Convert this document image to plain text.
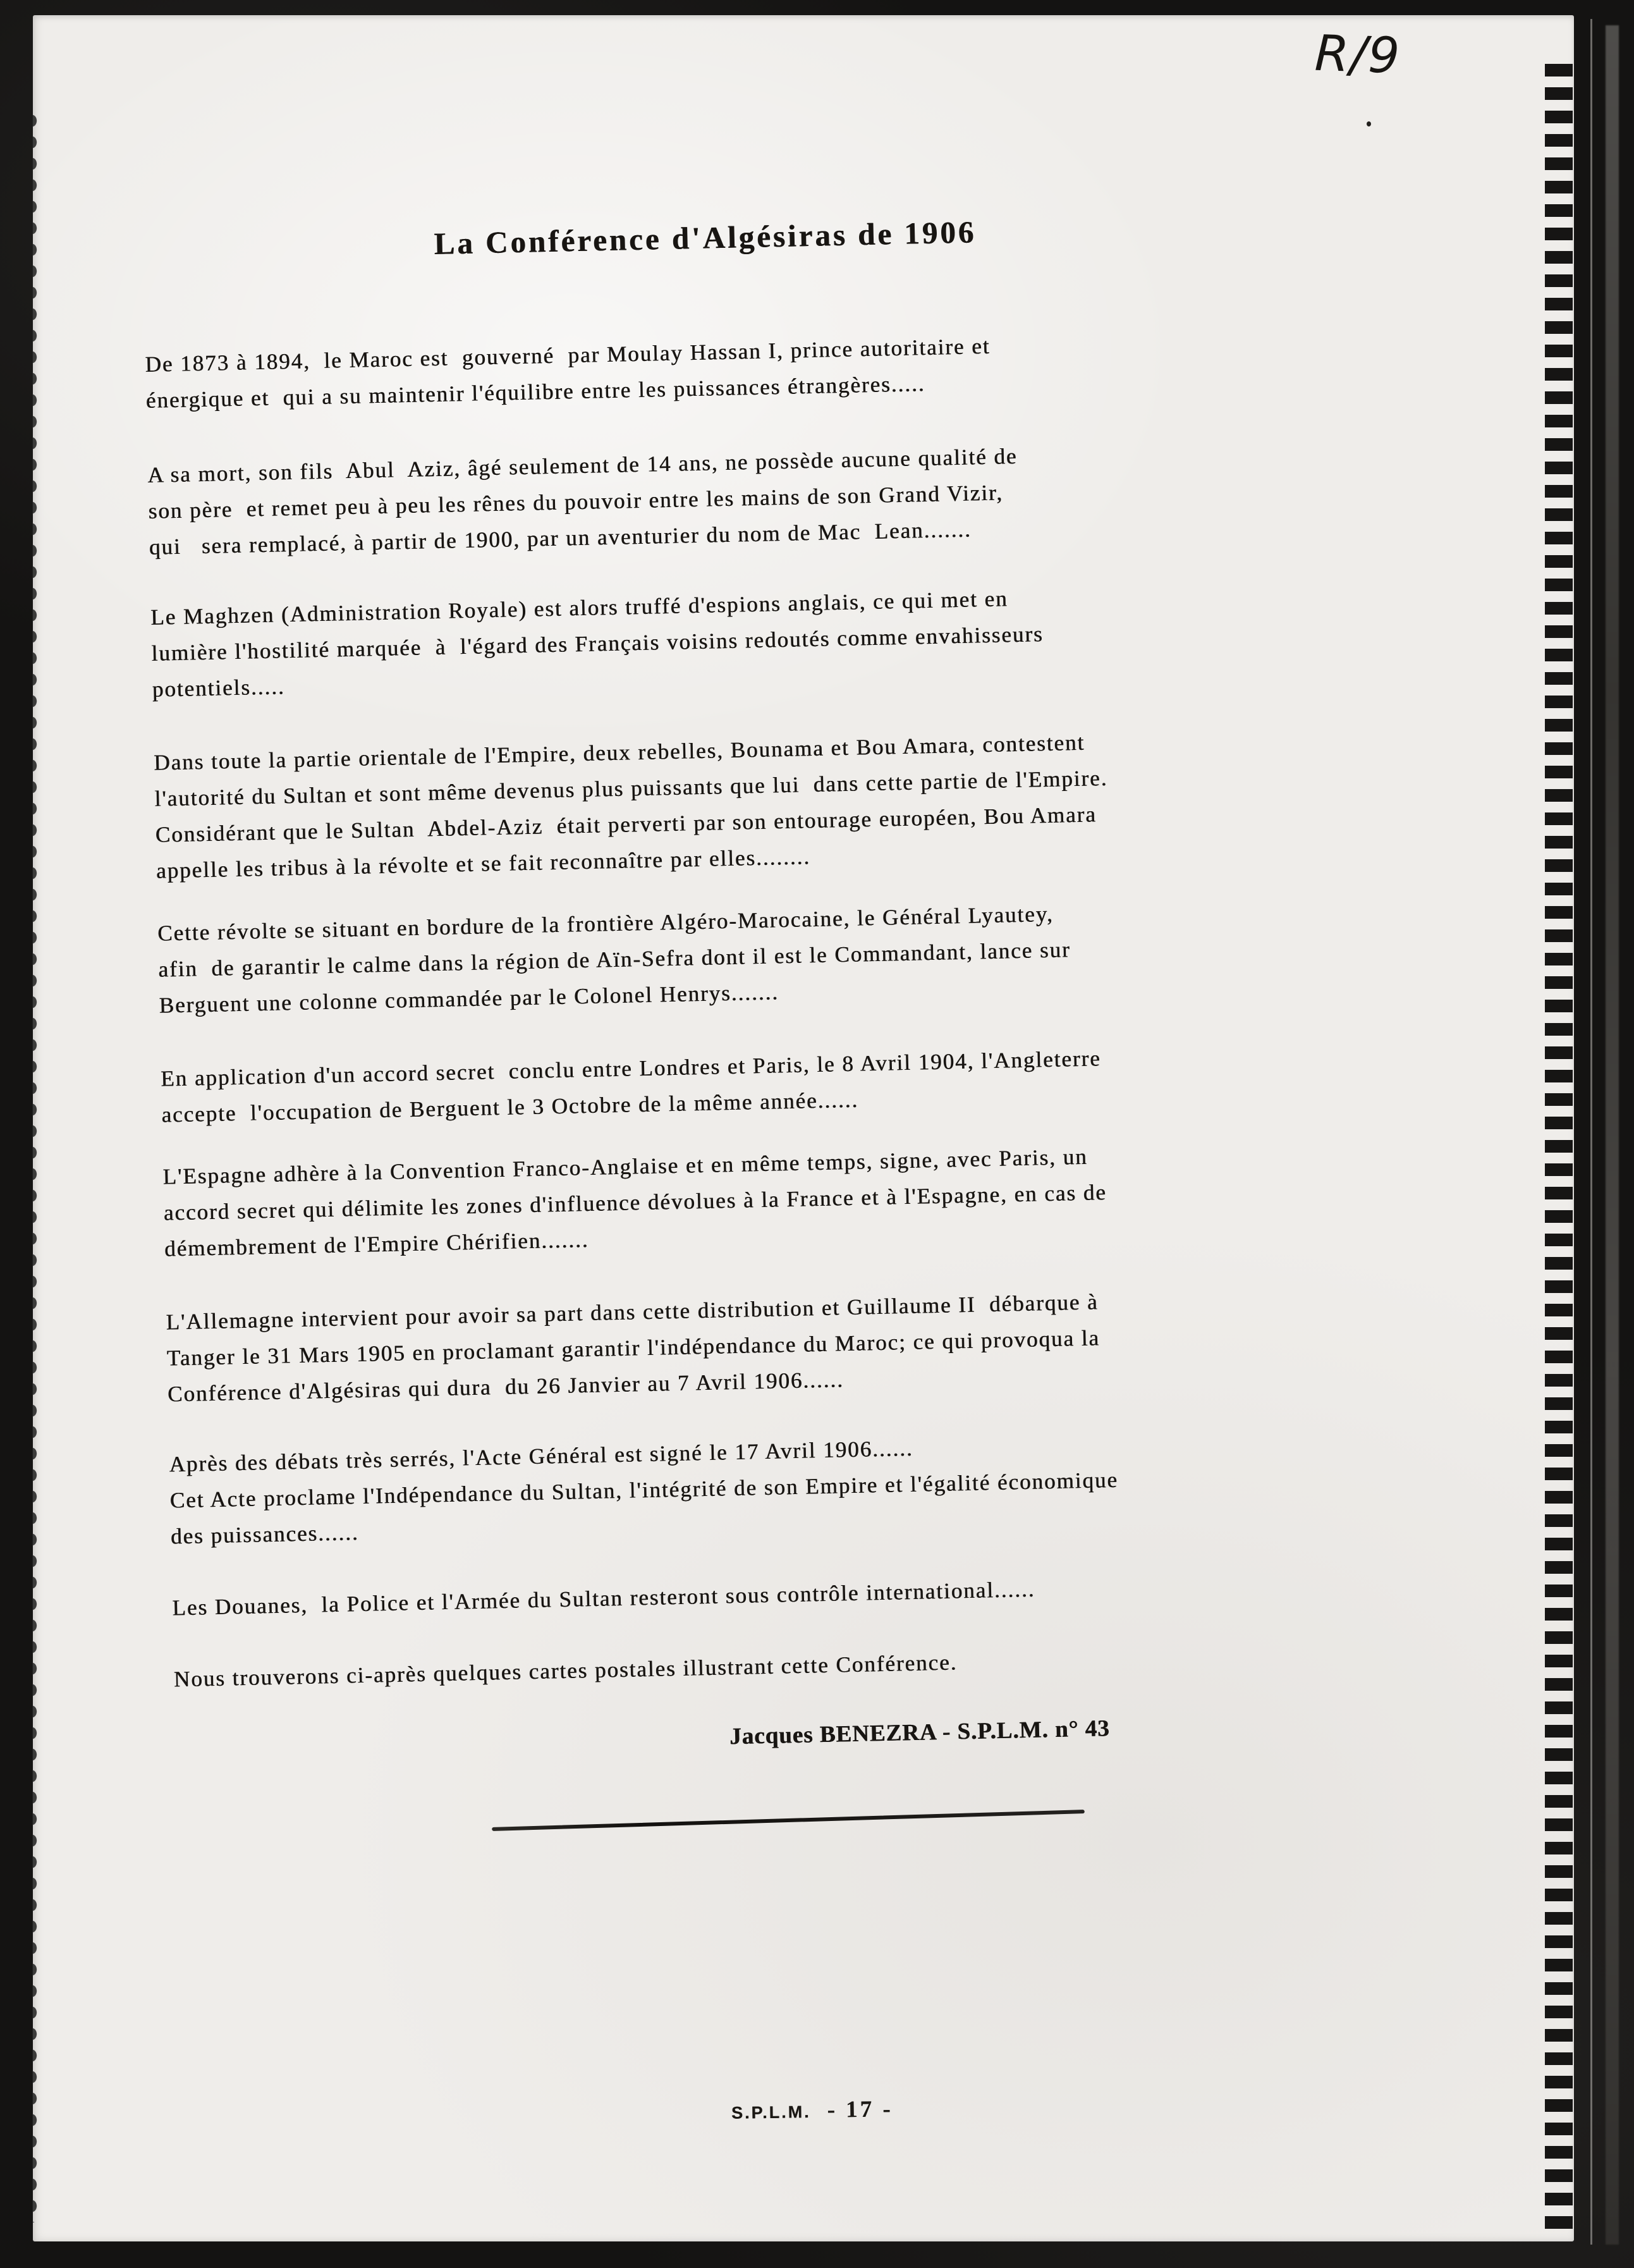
R/9
La Conférence d'Algésiras de 1906
De 1873 à 1894,  le Maroc est  gouverné  par Moulay Hassan I, prince autoritaire et
énergique et  qui a su maintenir l'équilibre entre les puissances étrangères.....
A sa mort, son fils  Abul  Aziz, âgé seulement de 14 ans, ne possède aucune qualité de
son père  et remet peu à peu les rênes du pouvoir entre les mains de son Grand Vizir,
qui   sera remplacé, à partir de 1900, par un aventurier du nom de Mac  Lean.......
Le Maghzen (Administration Royale) est alors truffé d'espions anglais, ce qui met en
lumière l'hostilité marquée  à  l'égard des Français voisins redoutés comme envahisseurs
potentiels.....
Dans toute la partie orientale de l'Empire, deux rebelles, Bounama et Bou Amara, contestent
l'autorité du Sultan et sont même devenus plus puissants que lui  dans cette partie de l'Empire.
Considérant que le Sultan  Abdel-Aziz  était perverti par son entourage européen, Bou Amara
appelle les tribus à la révolte et se fait reconnaître par elles........
Cette révolte se situant en bordure de la frontière Algéro-Marocaine, le Général Lyautey,
afin  de garantir le calme dans la région de Aïn-Sefra dont il est le Commandant, lance sur
Berguent une colonne commandée par le Colonel Henrys.......
En application d'un accord secret  conclu entre Londres et Paris, le 8 Avril 1904, l'Angleterre
accepte  l'occupation de Berguent le 3 Octobre de la même année......
L'Espagne adhère à la Convention Franco-Anglaise et en même temps, signe, avec Paris, un
accord secret qui délimite les zones d'influence dévolues à la France et à l'Espagne, en cas de
démembrement de l'Empire Chérifien.......
L'Allemagne intervient pour avoir sa part dans cette distribution et Guillaume II  débarque à
Tanger le 31 Mars 1905 en proclamant garantir l'indépendance du Maroc; ce qui provoqua la
Conférence d'Algésiras qui dura  du 26 Janvier au 7 Avril 1906......
Après des débats très serrés, l'Acte Général est signé le 17 Avril 1906......
Cet Acte proclame l'Indépendance du Sultan, l'intégrité de son Empire et l'égalité économique
des puissances......
Les Douanes,  la Police et l'Armée du Sultan resteront sous contrôle international......
Nous trouverons ci-après quelques cartes postales illustrant cette Conférence.
Jacques BENEZRA - S.P.L.M. n° 43
S.P.L.M. - 17 -
